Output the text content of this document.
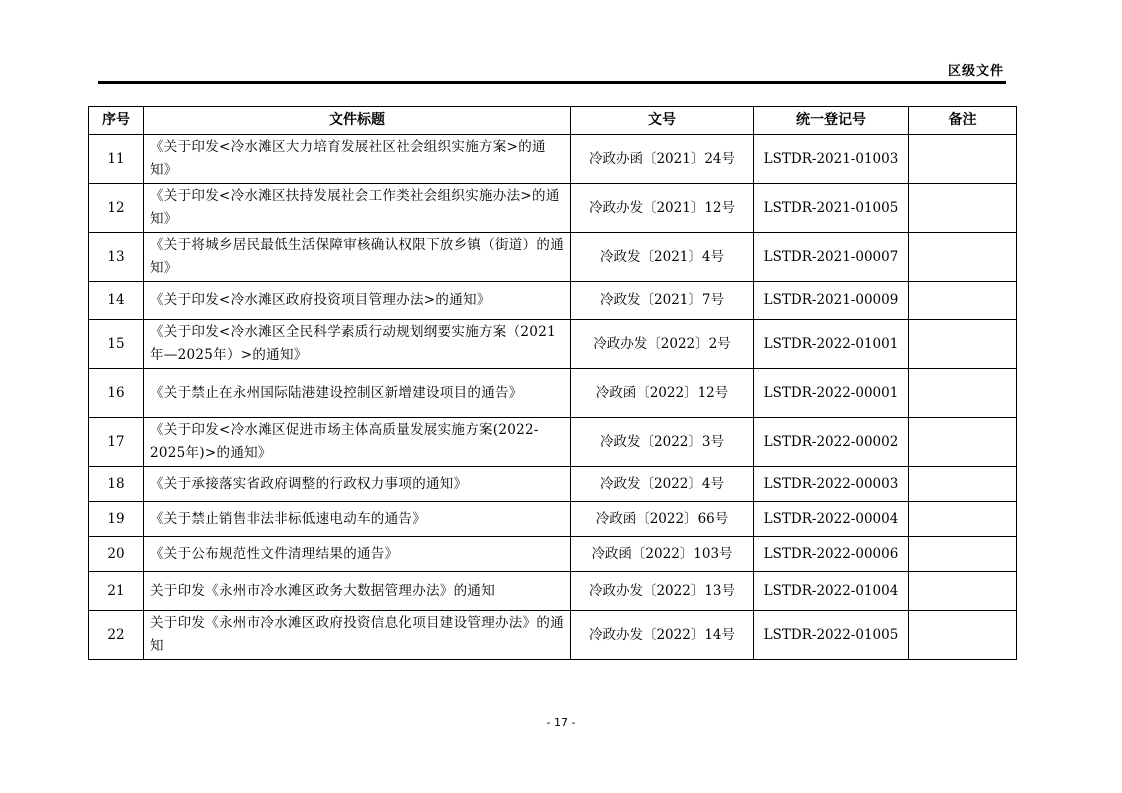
区级文件
序号	文件标题	文号	统一登记号	备注
11	《关于印发<冷水滩区大力培育发展社区社会组织实施方案>的通知》	冷政办函〔2021〕24号	LSTDR-2021-01003	
12	《关于印发<冷水滩区扶持发展社会工作类社会组织实施办法>的通知》	冷政办发〔2021〕12号	LSTDR-2021-01005	
13	《关于将城乡居民最低生活保障审核确认权限下放乡镇（街道）的通知》	冷政发〔2021〕4号	LSTDR-2021-00007	
14	《关于印发<冷水滩区政府投资项目管理办法>的通知》	冷政发〔2021〕7号	LSTDR-2021-00009	
15	《关于印发<冷水滩区全民科学素质行动规划纲要实施方案（2021年—2025年）>的通知》	冷政办发〔2022〕2号	LSTDR-2022-01001	
16	《关于禁止在永州国际陆港建设控制区新增建设项目的通告》	冷政函〔2022〕12号	LSTDR-2022-00001	
17	《关于印发<冷水滩区促进市场主体高质量发展实施方案(2022-2025年)>的通知》	冷政发〔2022〕3号	LSTDR-2022-00002	
18	《关于承接落实省政府调整的行政权力事项的通知》	冷政发〔2022〕4号	LSTDR-2022-00003	
19	《关于禁止销售非法非标低速电动车的通告》	冷政函〔2022〕66号	LSTDR-2022-00004	
20	《关于公布规范性文件清理结果的通告》	冷政函〔2022〕103号	LSTDR-2022-00006	
21	关于印发《永州市冷水滩区政务大数据管理办法》的通知	冷政办发〔2022〕13号	LSTDR-2022-01004	
22	关于印发《永州市冷水滩区政府投资信息化项目建设管理办法》的通知	冷政办发〔2022〕14号	LSTDR-2022-01005	
- 17 -
